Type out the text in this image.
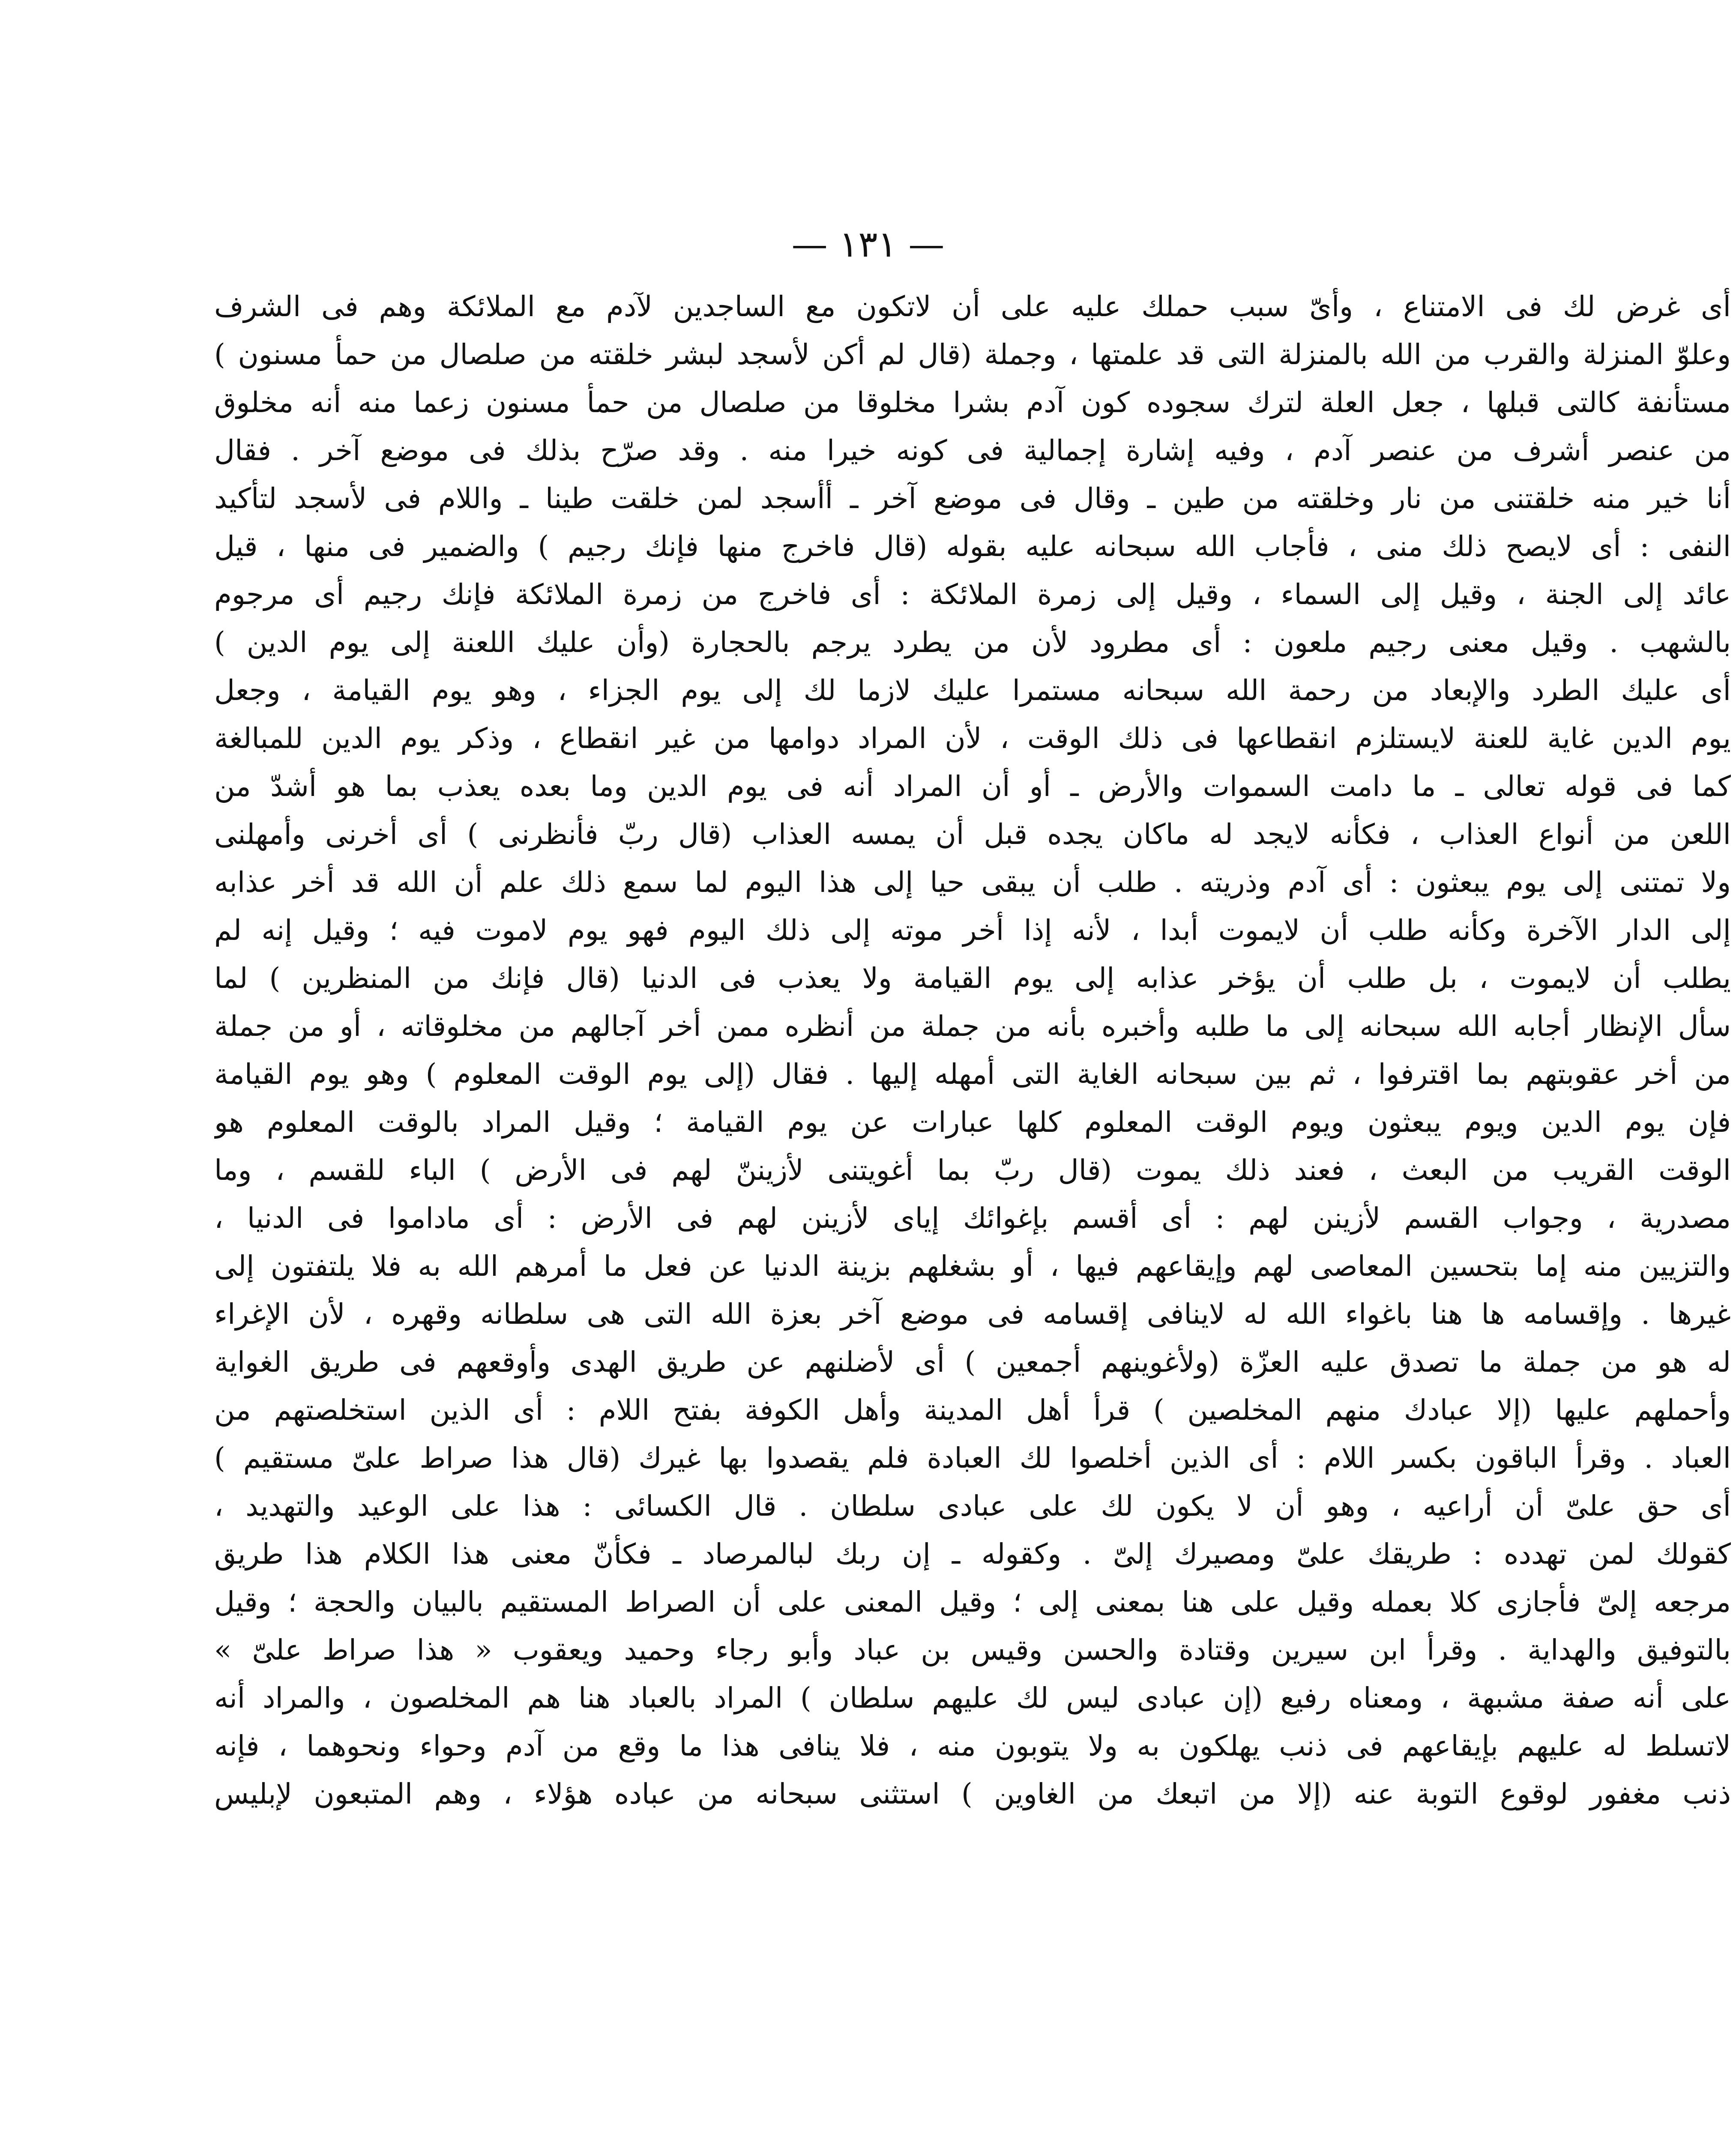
— ١٣١ —
أى غرض لك فى الامتناع ، وأىّ سبب حملك عليه على أن لاتكون مع الساجدين لآدم مع الملائكة وهم فى الشرف
وعلوّ المنزلة والقرب من الله بالمنزلة التى قد علمتها ، وجملة (قال لم أكن لأسجد لبشر خلقته من صلصال من حمأ مسنون )
مستأنفة كالتى قبلها ، جعل العلة لترك سجوده كون آدم بشرا مخلوقا من صلصال من حمأ مسنون زعما منه أنه مخلوق
من عنصر أشرف من عنصر آدم ، وفيه إشارة إجمالية فى كونه خيرا منه . وقد صرّح بذلك فى موضع آخر . فقال
أنا خير منه خلقتنى من نار وخلقته من طين ـ وقال فى موضع آخر ـ أأسجد لمن خلقت طينا ـ واللام فى لأسجد لتأكيد
النفى : أى لايصح ذلك منى ، فأجاب الله سبحانه عليه بقوله (قال فاخرج منها فإنك رجيم ) والضمير فى منها ، قيل
عائد إلى الجنة ، وقيل إلى السماء ، وقيل إلى زمرة الملائكة : أى فاخرج من زمرة الملائكة فإنك رجيم أى مرجوم
بالشهب . وقيل معنى رجيم ملعون : أى مطرود لأن من يطرد يرجم بالحجارة (وأن عليك اللعنة إلى يوم الدين )
أى عليك الطرد والإبعاد من رحمة الله سبحانه مستمرا عليك لازما لك إلى يوم الجزاء ، وهو يوم القيامة ، وجعل
يوم الدين غاية للعنة لايستلزم انقطاعها فى ذلك الوقت ، لأن المراد دوامها من غير انقطاع ، وذكر يوم الدين للمبالغة
كما فى قوله تعالى ـ ما دامت السموات والأرض ـ أو أن المراد أنه فى يوم الدين وما بعده يعذب بما هو أشدّ من
اللعن من أنواع العذاب ، فكأنه لايجد له ماكان يجده قبل أن يمسه العذاب (قال ربّ فأنظرنى ) أى أخرنى وأمهلنى
ولا تمتنى إلى يوم يبعثون : أى آدم وذريته . طلب أن يبقى حيا إلى هذا اليوم لما سمع ذلك علم أن الله قد أخر عذابه
إلى الدار الآخرة وكأنه طلب أن لايموت أبدا ، لأنه إذا أخر موته إلى ذلك اليوم فهو يوم لاموت فيه ؛ وقيل إنه لم
يطلب أن لايموت ، بل طلب أن يؤخر عذابه إلى يوم القيامة ولا يعذب فى الدنيا (قال فإنك من المنظرين ) لما
سأل الإنظار أجابه الله سبحانه إلى ما طلبه وأخبره بأنه من جملة من أنظره ممن أخر آجالهم من مخلوقاته ، أو من جملة
من أخر عقوبتهم بما اقترفوا ، ثم بين سبحانه الغاية التى أمهله إليها . فقال (إلى يوم الوقت المعلوم ) وهو يوم القيامة
فإن يوم الدين ويوم يبعثون ويوم الوقت المعلوم كلها عبارات عن يوم القيامة ؛ وقيل المراد بالوقت المعلوم هو
الوقت القريب من البعث ، فعند ذلك يموت (قال ربّ بما أغويتنى لأزيننّ لهم فى الأرض ) الباء للقسم ، وما
مصدرية ، وجواب القسم لأزينن لهم : أى أقسم بإغوائك إياى لأزينن لهم فى الأرض : أى ماداموا فى الدنيا ،
والتزيين منه إما بتحسين المعاصى لهم وإيقاعهم فيها ، أو بشغلهم بزينة الدنيا عن فعل ما أمرهم الله به فلا يلتفتون إلى
غيرها . وإقسامه ها هنا باغواء الله له لاينافى إقسامه فى موضع آخر بعزة الله التى هى سلطانه وقهره ، لأن الإغراء
له هو من جملة ما تصدق عليه العزّة (ولأغوينهم أجمعين ) أى لأضلنهم عن طريق الهدى وأوقعهم فى طريق الغواية
وأحملهم عليها (إلا عبادك منهم المخلصين ) قرأ أهل المدينة وأهل الكوفة بفتح اللام : أى الذين استخلصتهم من
العباد . وقرأ الباقون بكسر اللام : أى الذين أخلصوا لك العبادة فلم يقصدوا بها غيرك (قال هذا صراط علىّ مستقيم )
أى حق علىّ أن أراعيه ، وهو أن لا يكون لك على عبادى سلطان . قال الكسائى : هذا على الوعيد والتهديد ،
كقولك لمن تهدده : طريقك علىّ ومصيرك إلىّ . وكقوله ـ إن ربك لبالمرصاد ـ فكأنّ معنى هذا الكلام هذا طريق
مرجعه إلىّ فأجازى كلا بعمله وقيل على هنا بمعنى إلى ؛ وقيل المعنى على أن الصراط المستقيم بالبيان والحجة ؛ وقيل
بالتوفيق والهداية . وقرأ ابن سيرين وقتادة والحسن وقيس بن عباد وأبو رجاء وحميد ويعقوب « هذا صراط علىّ »
على أنه صفة مشبهة ، ومعناه رفيع (إن عبادى ليس لك عليهم سلطان ) المراد بالعباد هنا هم المخلصون ، والمراد أنه
لاتسلط له عليهم بإيقاعهم فى ذنب يهلكون به ولا يتوبون منه ، فلا ينافى هذا ما وقع من آدم وحواء ونحوهما ، فإنه
ذنب مغفور لوقوع التوبة عنه (إلا من اتبعك من الغاوين ) استثنى سبحانه من عباده هؤلاء ، وهم المتبعون لإبليس
